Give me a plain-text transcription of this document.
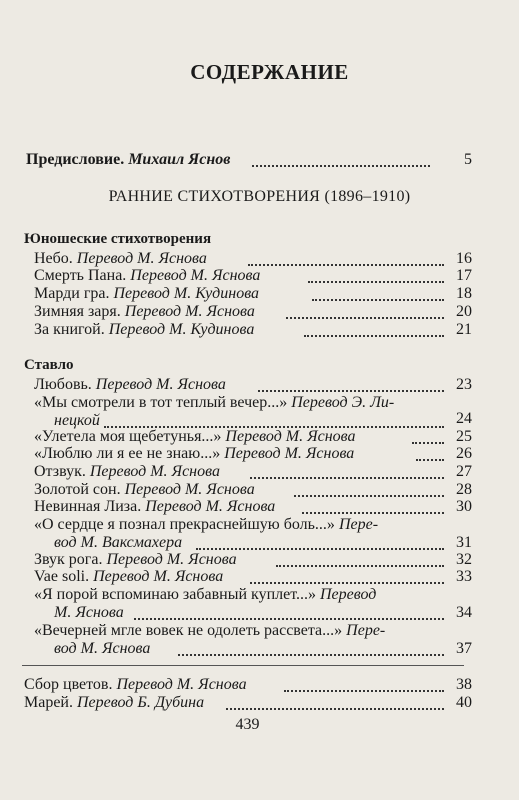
СОДЕРЖАНИЕ
Предисловие. Михаил Яснов	5
РАННИЕ СТИХОТВОРЕНИЯ (1896–1910)
Юношеские стихотворения
Небо. Перевод М. Яснова	16
Смерть Пана. Перевод М. Яснова	17
Марди гра. Перевод М. Кудинова	18
Зимняя заря. Перевод М. Яснова	20
За книгой. Перевод М. Кудинова	21
Ставло
Любовь. Перевод М. Яснова	23
«Мы смотрели в тот теплый вечер...» Перевод Э. Ли-
нецкой	24
«Улетела моя щебетунья...» Перевод М. Яснова	25
«Люблю ли я ее не знаю...» Перевод М. Яснова	26
Отзвук. Перевод М. Яснова	27
Золотой сон. Перевод М. Яснова	28
Невинная Лиза. Перевод М. Яснова	30
«О сердце я познал прекраснейшую боль...» Пере-
вод М. Ваксмахера	31
Звук рога. Перевод М. Яснова	32
Vae soli. Перевод М. Яснова	33
«Я порой вспоминаю забавный куплет...» Перевод
М. Яснова	34
«Вечерней мгле вовек не одолеть рассвета...» Пере-
вод М. Яснова	37
Сбор цветов. Перевод М. Яснова	38
Марей. Перевод Б. Дубина	40
439
